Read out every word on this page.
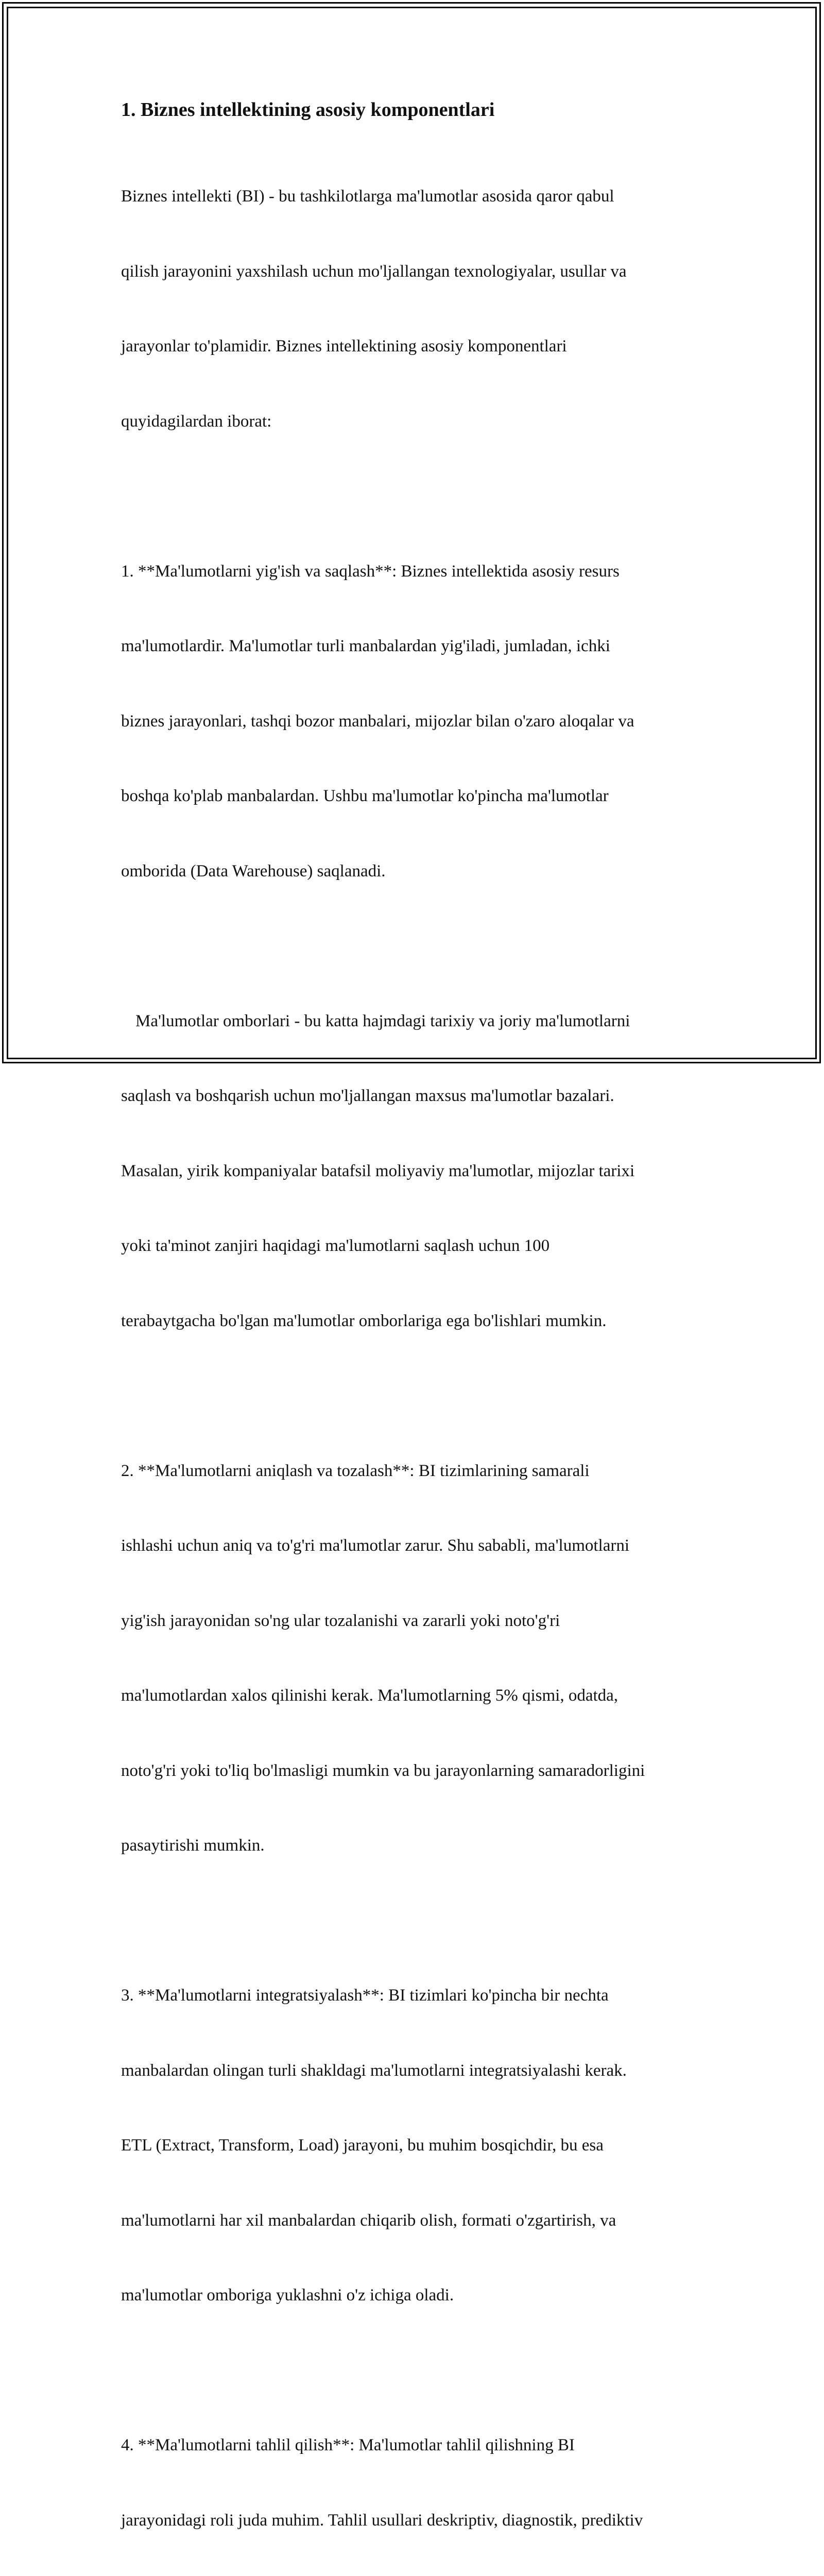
1. Biznes intellektining asosiy komponentlari

Biznes intellekti (BI) - bu tashkilotlarga ma'lumotlar asosida qaror qabul

qilish jarayonini yaxshilash uchun mo'ljallangan texnologiyalar, usullar va

jarayonlar to'plamidir. Biznes intellektining asosiy komponentlari

quyidagilardan iborat:

1. **Ma'lumotlarni yig'ish va saqlash**: Biznes intellektida asosiy resurs

ma'lumotlardir. Ma'lumotlar turli manbalardan yig'iladi, jumladan, ichki

biznes jarayonlari, tashqi bozor manbalari, mijozlar bilan o'zaro aloqalar va

boshqa ko'plab manbalardan. Ushbu ma'lumotlar ko'pincha ma'lumotlar

omborida (Data Warehouse) saqlanadi.

Ma'lumotlar omborlari - bu katta hajmdagi tarixiy va joriy ma'lumotlarni

saqlash va boshqarish uchun mo'ljallangan maxsus ma'lumotlar bazalari.

Masalan, yirik kompaniyalar batafsil moliyaviy ma'lumotlar, mijozlar tarixi

yoki ta'minot zanjiri haqidagi ma'lumotlarni saqlash uchun 100

terabaytgacha bo'lgan ma'lumotlar omborlariga ega bo'lishlari mumkin.

2. **Ma'lumotlarni aniqlash va tozalash**: BI tizimlarining samarali

ishlashi uchun aniq va to'g'ri ma'lumotlar zarur. Shu sababli, ma'lumotlarni

yig'ish jarayonidan so'ng ular tozalanishi va zararli yoki noto'g'ri

ma'lumotlardan xalos qilinishi kerak. Ma'lumotlarning 5% qismi, odatda,

noto'g'ri yoki to'liq bo'lmasligi mumkin va bu jarayonlarning samaradorligini

pasaytirishi mumkin.

3. **Ma'lumotlarni integratsiyalash**: BI tizimlari ko'pincha bir nechta

manbalardan olingan turli shakldagi ma'lumotlarni integratsiyalashi kerak.

ETL (Extract, Transform, Load) jarayoni, bu muhim bosqichdir, bu esa

ma'lumotlarni har xil manbalardan chiqarib olish, formati o'zgartirish, va

ma'lumotlar omboriga yuklashni o'z ichiga oladi.

4. **Ma'lumotlarni tahlil qilish**: Ma'lumotlar tahlil qilishning BI

jarayonidagi roli juda muhim. Tahlil usullari deskriptiv, diagnostik, prediktiv
